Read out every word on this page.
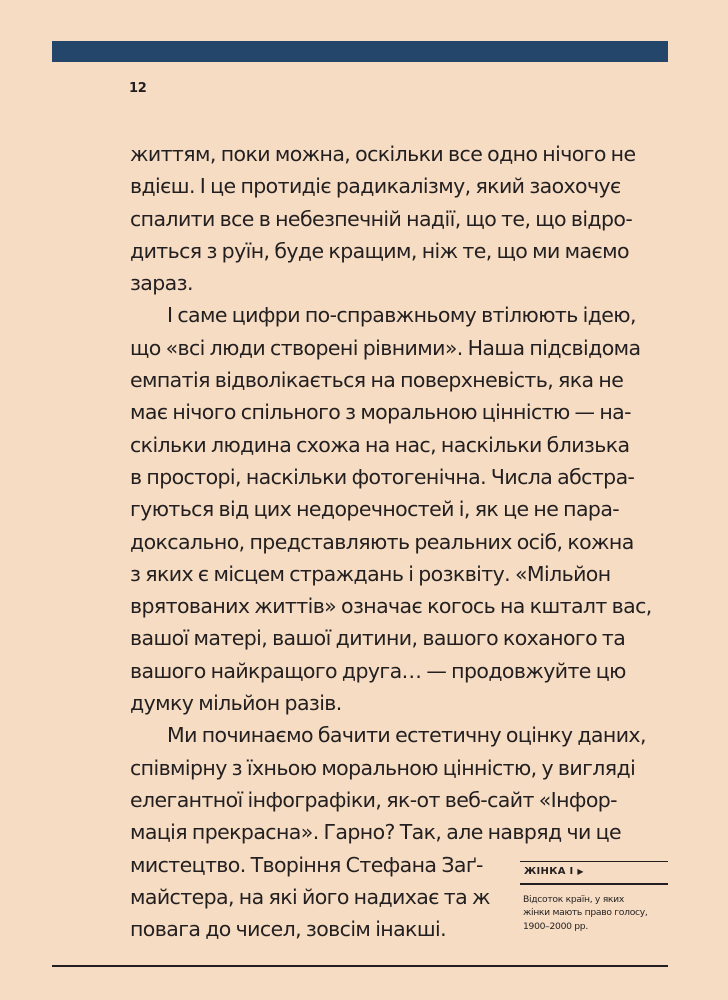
12
життям, поки можна, оскільки все одно нічого не
вдієш. І це протидіє радикалізму, який заохочує
спалити все в небезпечній надії, що те, що відро-
диться з руїн, буде кращим, ніж те, що ми маємо
зараз.
І саме цифри по-справжньому втілюють ідею,
що «всі люди створені рівними». Наша підсвідома
емпатія відволікається на поверхневість, яка не
має нічого спільного з моральною цінністю — на-
скільки людина схожа на нас, наскільки близька
в просторі, наскільки фотогенічна. Числа абстра-
гуються від цих недоречностей і, як це не пара-
доксально, представляють реальних осіб, кожна
з яких є місцем страждань і розквіту. «Мільйон
врятованих життів» означає когось на кшталт вас,
вашої матері, вашої дитини, вашого коханого та
вашого найкращого друга… — продовжуйте цю
думку мільйон разів.
Ми починаємо бачити естетичну оцінку даних,
співмірну з їхньою моральною цінністю, у вигляді
елегантної інфографіки, як-от веб-сайт «Інфор-
мація прекрасна». Гарно? Так, але навряд чи це
мистецтво. Творіння Стефана Заґ-
майстера, на які його надихає та ж
повага до чисел, зовсім інакші.
ЖІНКА І ▶
Відсоток країн, у яких
жінки мають право голосу,
1900–2000 рр.
